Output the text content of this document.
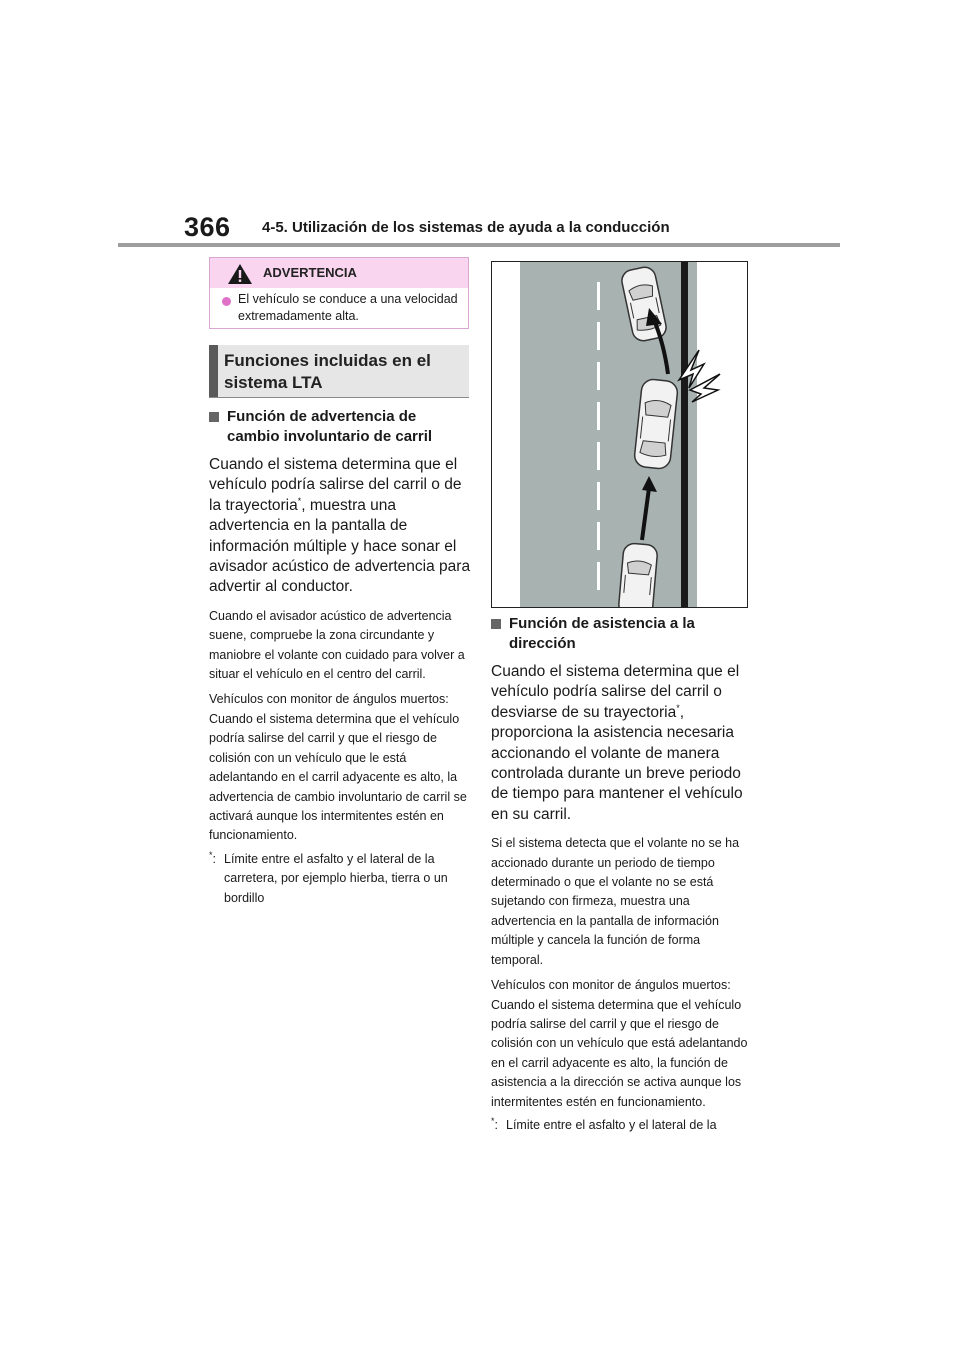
366 4-5. Utilización de los sistemas de ayuda a la conducción
ADVERTENCIA
El vehículo se conduce a una velocidad extremadamente alta.
Funciones incluidas en el sistema LTA
Función de advertencia de cambio involuntario de carril
Cuando el sistema determina que el vehículo podría salirse del carril o de la trayectoria*, muestra una advertencia en la pantalla de información múltiple y hace sonar el avisador acústico de advertencia para advertir al conductor.
Cuando el avisador acústico de advertencia suene, compruebe la zona circundante y maniobre el volante con cuidado para volver a situar el vehículo en el centro del carril.
Vehículos con monitor de ángulos muertos: Cuando el sistema determina que el vehículo podría salirse del carril y que el riesgo de colisión con un vehículo que le está adelantando en el carril adyacente es alto, la advertencia de cambio involuntario de carril se activará aunque los intermitentes estén en funcionamiento.
*: Límite entre el asfalto y el lateral de la carretera, por ejemplo hierba, tierra o un bordillo
Función de asistencia a la dirección
Cuando el sistema determina que el vehículo podría salirse del carril o desviarse de su trayectoria*, proporciona la asistencia necesaria accionando el volante de manera controlada durante un breve periodo de tiempo para mantener el vehículo en su carril.
Si el sistema detecta que el volante no se ha accionado durante un periodo de tiempo determinado o que el volante no se está sujetando con firmeza, muestra una advertencia en la pantalla de información múltiple y cancela la función de forma temporal.
Vehículos con monitor de ángulos muertos: Cuando el sistema determina que el vehículo podría salirse del carril y que el riesgo de colisión con un vehículo que está adelantando en el carril adyacente es alto, la función de asistencia a la dirección se activa aunque los intermitentes estén en funcionamiento.
*: Límite entre el asfalto y el lateral de la
